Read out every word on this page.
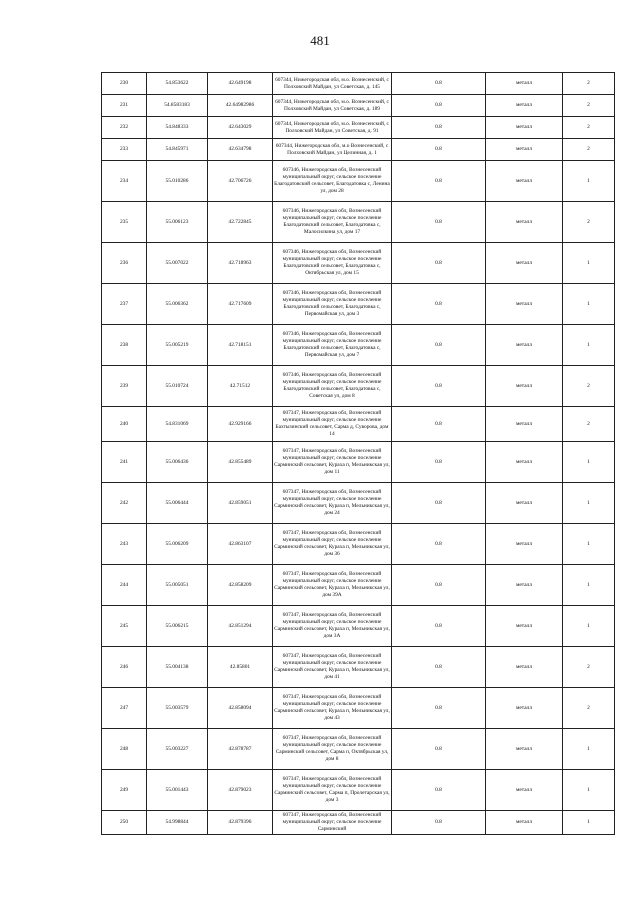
481
230	54.853622	42.649198	607344, Нижегородская обл, м.о. Вознесенский, с Полховский Майдан, ул Советская, д. 145	0.8	металл	2
231	54.8583183	42.64982986	607344, Нижегородская обл, м.о. Вознесенский, с Полховский Майдан, ул Советская, д. 189	0.8	металл	2
232	54.848333	42.643029	607344, Нижегородская обл, м.о. Вознесенский, с Полховский Майдан, ул Советская, д. 91	0.8	металл	2
233	54.845971	42.634798	607344, Нижегородская обл, м.о Вознесенский, с Полховский Майдан, ул Целинная, д. 1	0.8	металл	2
234	55.010286	42.706726	607346, Нижегородская обл, Вознесенский муниципальный округ, сельское поселение Благодатовский сельсовет, Благодатовка с, Ленина ул, дом 28	0.8	металл	1
235	55.006123	42.722845	607346, Нижегородская обл, Вознесенский муниципальный округ, сельское поселение Благодатовский сельсовет, Благодатовка с, Малосилкина ул, дом 17	0.8	металл	2
236	55.007022	42.718963	607346, Нижегородская обл, Вознесенский муниципальный округ, сельское поселение Благодатовский сельсовет, Благодатовка с, Октябрьская ул, дом 15	0.8	металл	1
237	55.006362	42.717609	607346, Нижегородская обл, Вознесенский муниципальный округ, сельское поселение Благодатовский сельсовет, Благодатовка с, Первомайская ул, дом 3	0.8	металл	1
238	55.005219	42.718151	607346, Нижегородская обл, Вознесенский муниципальный округ, сельское поселение Благодатовский сельсовет, Благодатовка с, Первомайская ул, дом 7	0.8	металл	1
239	55.010724	42.71512	607346, Нижегородская обл, Вознесенский муниципальный округ, сельское поселение Благодатовский сельсовет, Благодатовка с, Советская ул, дом 8	0.8	металл	2
240	54.831069	42.929166	607347, Нижегородская обл, Вознесенский муниципальный округ, сельское поселение Бахтызинский сельсовет, Сарма д, Суворова, дом 14	0.8	металл	2
241	55.006436	42.855489	607347, Нижегородская обл, Вознесенский муниципальный округ, сельское поселение Сарминский сельсовет, Кураха п, Мельникская ул, дом 11	0.8	металл	1
242	55.006444	42.859051	607347, Нижегородская обл, Вознесенский муниципальный округ, сельское поселение Сарминский сельсовет, Кураха п, Мельникская ул, дом 24	0.8	металл	1
243	55.006209	42.863107	607347, Нижегородская обл, Вознесенский муниципальный округ, сельское поселение Сарминский сельсовет, Кураха п, Мельникская ул, дом 36	0.8	металл	1
244	55.005051	42.858209	607347, Нижегородская обл, Вознесенский муниципальный округ, сельское поселение Сарминский сельсовет, Кураха п, Мельникская ул, дом 39А	0.8	металл	1
245	55.006215	42.851294	607347, Нижегородская обл, Вознесенский муниципальный округ, сельское поселение Сарминский сельсовет, Кураха п, Мельникская ул, дом 3А	0.8	металл	1
246	55.004138	42.85801	607347, Нижегородская обл, Вознесенский муниципальный округ, сельское поселение Сарминский сельсовет, Кураха п, Мельникская ул, дом 41	0.8	металл	2
247	55.003579	42.858094	607347, Нижегородская обл, Вознесенский муниципальный округ, сельское поселение Сарминский сельсовет, Кураха п, Мельникская ул, дом 43	0.8	металл	2
248	55.003227	42.878787	607347, Нижегородская обл, Вознесенский муниципальный округ, сельское поселение Сарминский сельсовет, Сарма п, Октябрьская ул, дом 8	0.8	металл	1
249	55.001443	42.879023	607347, Нижегородская обл, Вознесенский муниципальный округ, сельское поселение Сарминский сельсовет, Сарма п, Пролетарская ул, дом 3	0.8	металл	1
250	54.998844	42.879396	607347, Нижегородская обл, Вознесенский муниципальный округ, сельское поселение Сарминский	0.8	металл	1
